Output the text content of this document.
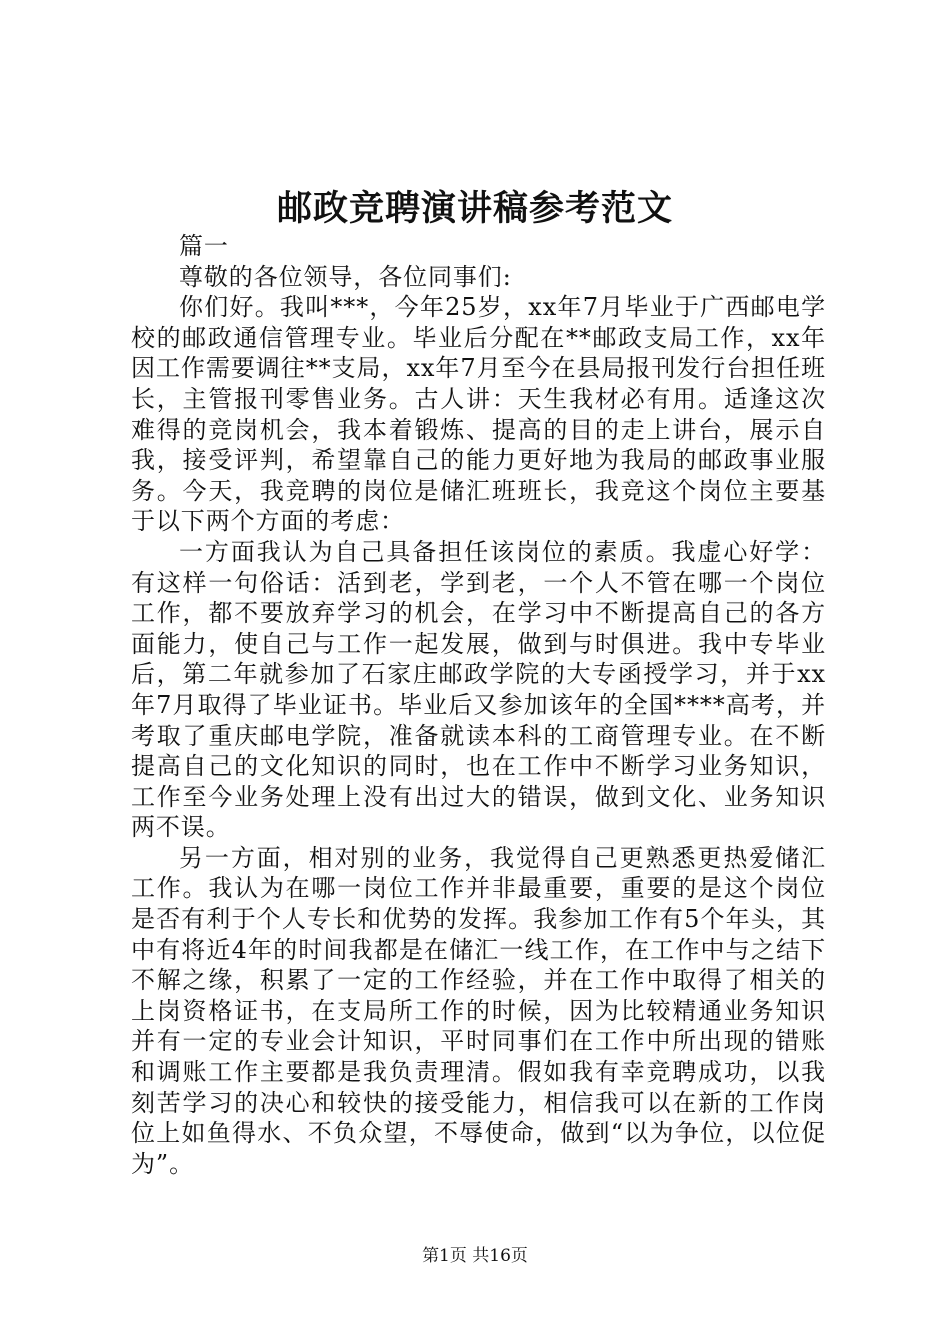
邮政竞聘演讲稿参考范文

篇一

尊敬的各位领导，各位同事们:

你们好。我叫***，今年25岁，xx年7月毕业于广西邮电学校的邮政通信管理专业。毕业后分配在**邮政支局工作，xx年因工作需要调往**支局，xx年7月至今在县局报刊发行台担任班长，主管报刊零售业务。古人讲：天生我材必有用。适逢这次难得的竞岗机会，我本着锻炼、提高的目的走上讲台，展示自我，接受评判，希望靠自己的能力更好地为我局的邮政事业服务。今天，我竞聘的岗位是储汇班班长，我竞这个岗位主要基于以下两个方面的考虑：

一方面我认为自己具备担任该岗位的素质。我虚心好学：有这样一句俗话：活到老，学到老，一个人不管在哪一个岗位工作，都不要放弃学习的机会，在学习中不断提高自己的各方面能力，使自己与工作一起发展，做到与时俱进。我中专毕业后，第二年就参加了石家庄邮政学院的大专函授学习，并于xx年7月取得了毕业证书。毕业后又参加该年的全国****高考，并考取了重庆邮电学院，准备就读本科的工商管理专业。在不断提高自己的文化知识的同时，也在工作中不断学习业务知识，工作至今业务处理上没有出过大的错误，做到文化、业务知识两不误。

另一方面，相对别的业务，我觉得自己更熟悉更热爱储汇工作。我认为在哪一岗位工作并非最重要，重要的是这个岗位是否有利于个人专长和优势的发挥。我参加工作有5个年头，其中有将近4年的时间我都是在储汇一线工作，在工作中与之结下不解之缘，积累了一定的工作经验，并在工作中取得了相关的上岗资格证书，在支局所工作的时候，因为比较精通业务知识并有一定的专业会计知识，平时同事们在工作中所出现的错账和调账工作主要都是我负责理清。假如我有幸竞聘成功，以我刻苦学习的决心和较快的接受能力，相信我可以在新的工作岗位上如鱼得水、不负众望，不辱使命，做到“以为争位，以位促为”。

第1页 共16页
